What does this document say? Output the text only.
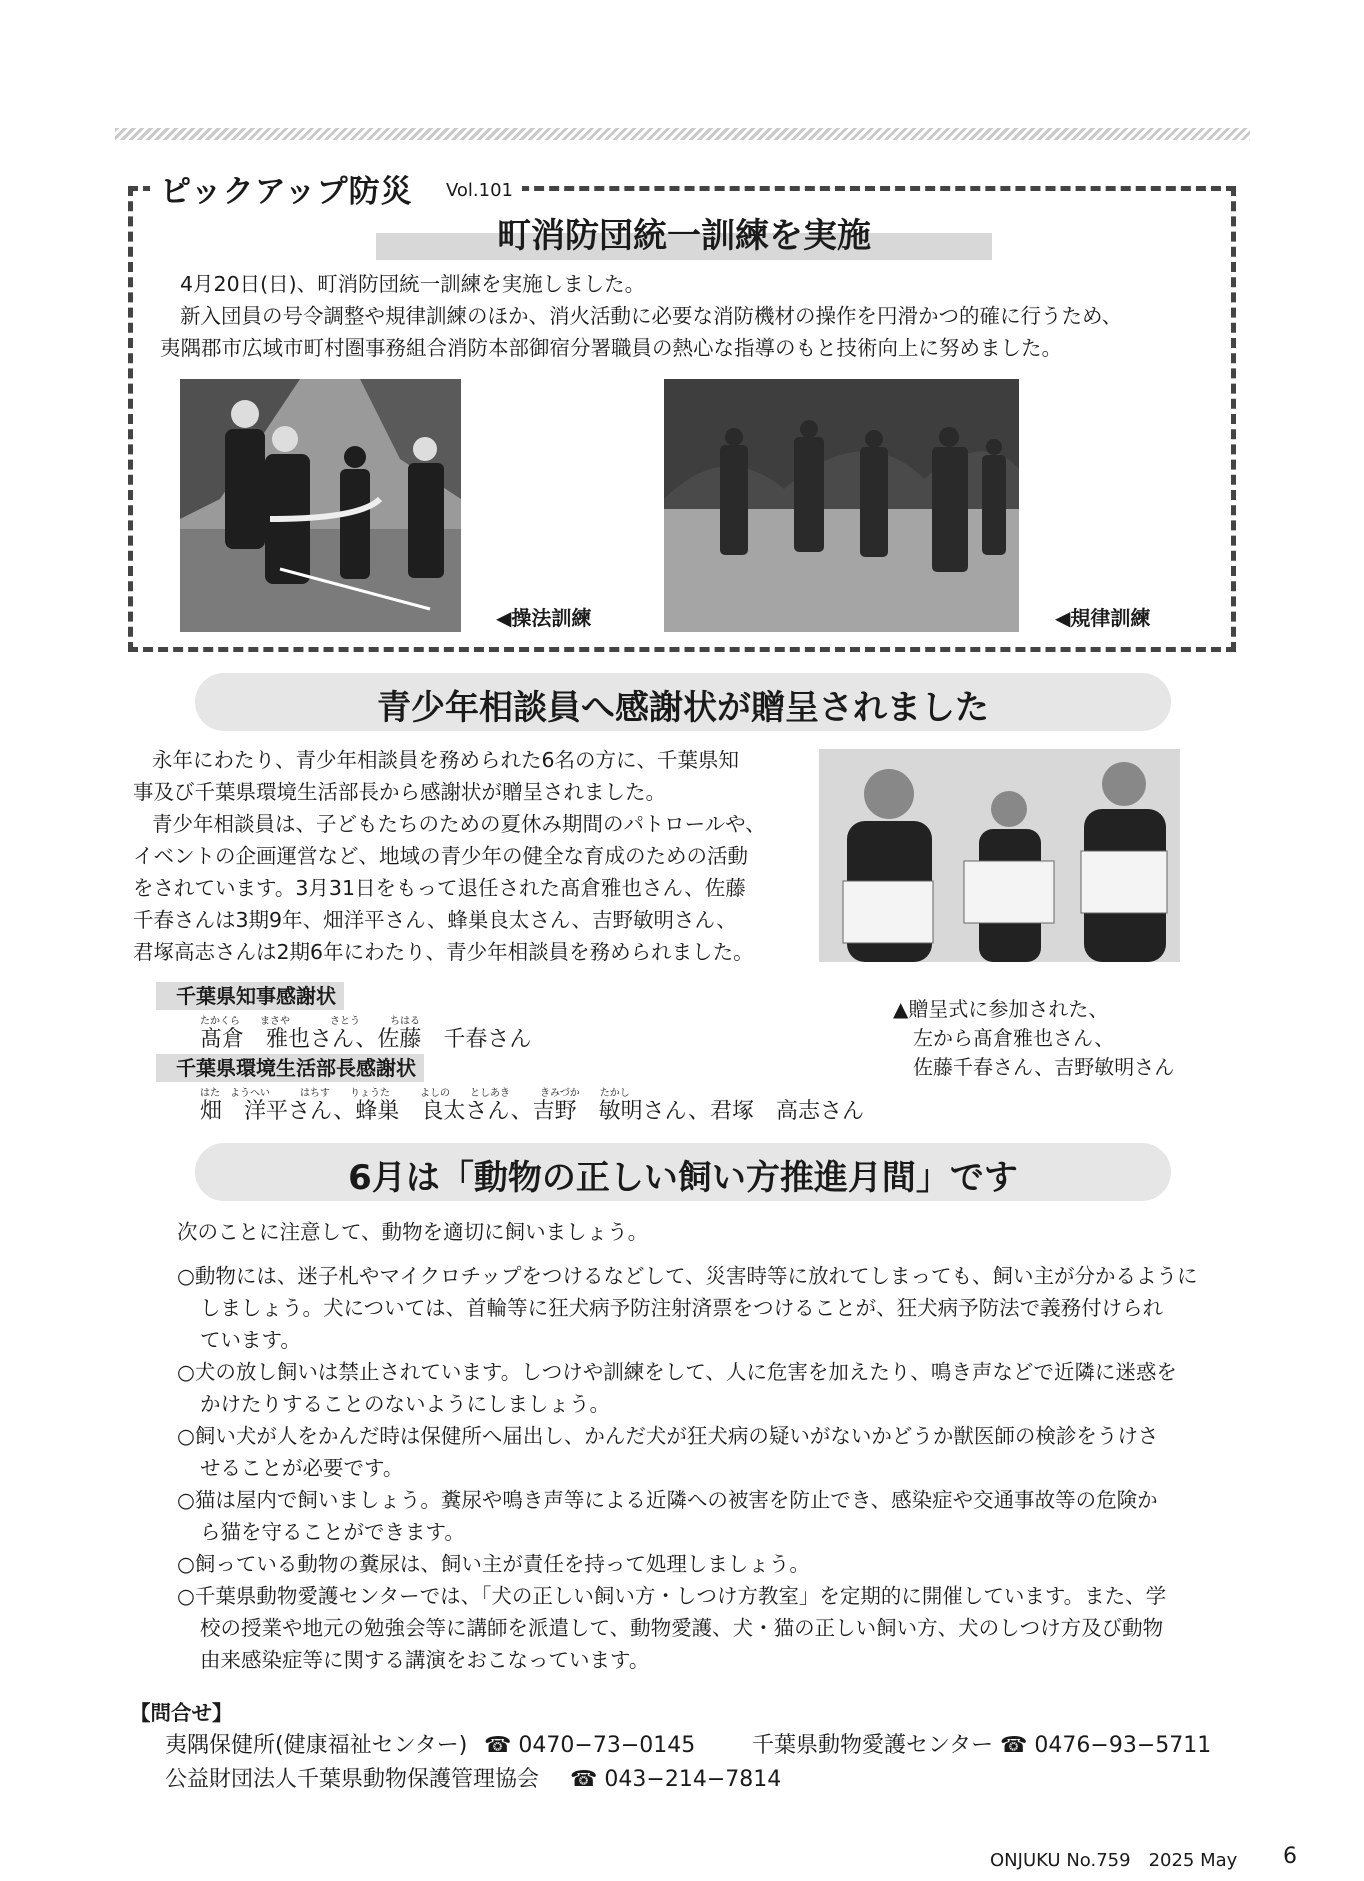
ピックアップ防災 Vol.101
町消防団統一訓練を実施
4月20日(日)、町消防団統一訓練を実施しました。
新入団員の号令調整や規律訓練のほか、消火活動に必要な消防機材の操作を円滑かつ的確に行うため、
夷隅郡市広域市町村圏事務組合消防本部御宿分署職員の熱心な指導のもと技術向上に努めました。
◀操法訓練	◀規律訓練
青少年相談員へ感謝状が贈呈されました
永年にわたり、青少年相談員を務められた6名の方に、千葉県知
事及び千葉県環境生活部長から感謝状が贈呈されました。
青少年相談員は、子どもたちのための夏休み期間のパトロールや、
イベントの企画運営など、地域の青少年の健全な育成のための活動
をされています。3月31日をもって退任された髙倉雅也さん、佐藤
千春さんは3期9年、畑洋平さん、蜂巣良太さん、吉野敏明さん、
君塚高志さんは2期6年にわたり、青少年相談員を務められました。
▲贈呈式に参加された、
左から髙倉雅也さん、
佐藤千春さん、吉野敏明さん
千葉県知事感謝状
たかくら　　まさや　　　　さとう　　　ちはる
髙倉　雅也さん、佐藤　千春さん
千葉県環境生活部長感謝状
はた　ようへい　　　はちす　　りょうた　　　よしの　　としあき　　　きみづか　　たかし
畑　洋平さん、蜂巣　良太さん、吉野　敏明さん、君塚　高志さん
6月は「動物の正しい飼い方推進月間」です
次のことに注意して、動物を適切に飼いましょう。
○動物には、迷子札やマイクロチップをつけるなどして、災害時等に放れてしまっても、飼い主が分かるように
しましょう。犬については、首輪等に狂犬病予防注射済票をつけることが、狂犬病予防法で義務付けられ
ています。
○犬の放し飼いは禁止されています。しつけや訓練をして、人に危害を加えたり、鳴き声などで近隣に迷惑を
かけたりすることのないようにしましょう。
○飼い犬が人をかんだ時は保健所へ届出し、かんだ犬が狂犬病の疑いがないかどうか獣医師の検診をうけさ
せることが必要です。
○猫は屋内で飼いましょう。糞尿や鳴き声等による近隣への被害を防止でき、感染症や交通事故等の危険か
ら猫を守ることができます。
○飼っている動物の糞尿は、飼い主が責任を持って処理しましょう。
○千葉県動物愛護センターでは、「犬の正しい飼い方・しつけ方教室」を定期的に開催しています。また、学
校の授業や地元の勉強会等に講師を派遣して、動物愛護、犬・猫の正しい飼い方、犬のしつけ方及び動物
由来感染症等に関する講演をおこなっています。
【問合せ】
夷隅保健所(健康福祉センター) ☎ 0470−73−0145	千葉県動物愛護センター ☎ 0476−93−5711
公益財団法人千葉県動物保護管理協会 ☎ 043−214−7814
ONJUKU No.759　2025 May 6
